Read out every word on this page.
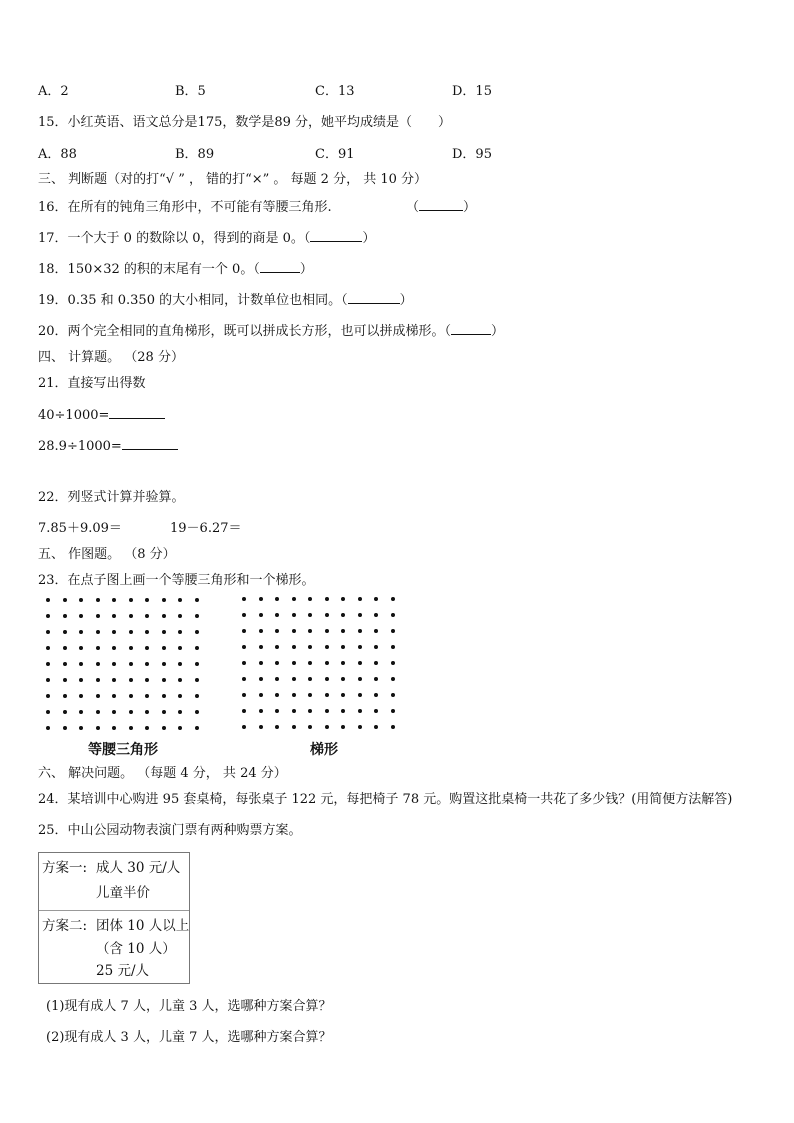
A．2	B．5	C．13	D．15
15．小红英语、语文总分是175，数学是89 分，她平均成绩是（　　）
A．88	B．89	C．91	D．95
三、 判断题（对的打“√ ” ， 错的打“×” 。 每题 2 分， 共 10 分）
16．在所有的钝角三角形中，不可能有等腰三角形.	（	）
17．一个大于 0 的数除以 0，得到的商是 0。（	）
18．150×32 的积的末尾有一个 0。（	）
19．0.35 和 0.350 的大小相同，计数单位也相同。（	）
20．两个完全相同的直角梯形，既可以拼成长方形，也可以拼成梯形。（	）
四、 计算题。 （28 分）
21．直接写出得数
40÷1000=
28.9÷1000=
22．列竖式计算并验算。
7.85＋9.09＝	19－6.27＝
五、 作图题。 （8 分）
23．在点子图上画一个等腰三角形和一个梯形。
等腰三角形	梯形
六、 解决问题。 （每题 4 分， 共 24 分）
24．某培训中心购进 95 套桌椅，每张桌子 122 元，每把椅子 78 元。购置这批桌椅一共花了多少钱？(用简便方法解答)
25．中山公园动物表演门票有两种购票方案。
方案一: 成人 30 元/人
儿童半价
方案二: 团体 10 人以上
（含 10 人）
25 元/人
(1)现有成人 7 人，儿童 3 人，选哪种方案合算？
(2)现有成人 3 人，儿童 7 人，选哪种方案合算？
